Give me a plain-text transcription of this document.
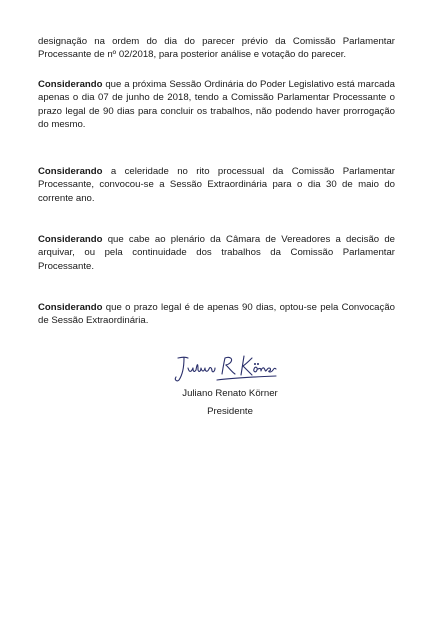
designação na ordem do dia do parecer prévio da Comissão Parlamentar Processante de nº 02/2018, para posterior análise e votação do parecer.

Considerando que a próxima Sessão Ordinária do Poder Legislativo está marcada apenas o dia 07 de junho de 2018, tendo a Comissão Parlamentar Processante o prazo legal de 90 dias para concluir os trabalhos, não podendo haver prorrogação do mesmo.

Considerando a celeridade no rito processual da Comissão Parlamentar Processante, convocou-se a Sessão Extraordinária para o dia 30 de maio do corrente ano.

Considerando que cabe ao plenário da Câmara de Vereadores a decisão de arquivar, ou pela continuidade dos trabalhos da Comissão Parlamentar Processante.

Considerando que o prazo legal é de apenas 90 dias, optou-se pela Convocação de Sessão Extraordinária.

Juliano Renato Körner
Presidente
